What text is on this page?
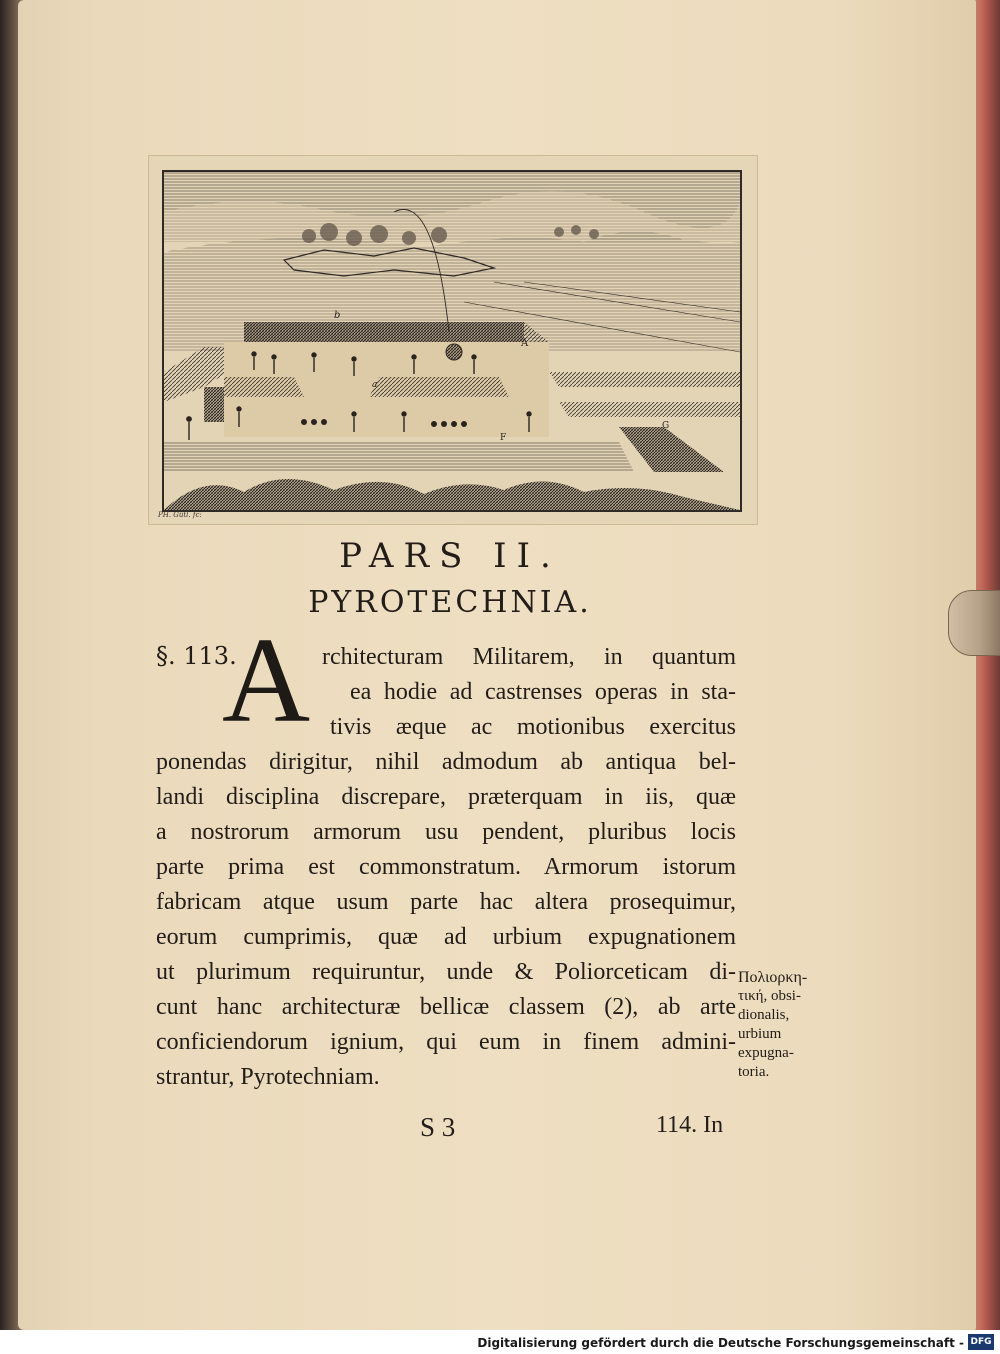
b
A
a
F
G
PH. Gütl. fc:
PARS II.
PYROTECHNIA.
§. 113.
A rchitecturam Militarem, in quantum
ea hodie ad castrenses operas in sta-
tivis æque ac motionibus exercitus
ponendas dirigitur, nihil admodum ab antiqua bel-
landi disciplina discrepare, præterquam in iis, quæ
a nostrorum armorum usu pendent, pluribus locis
parte prima est commonstratum. Armorum istorum
fabricam atque usum parte hac altera prosequimur,
eorum cumprimis, quæ ad urbium expugnationem
ut plurimum requiruntur, unde & Poliorceticam di-
cunt hanc architecturæ bellicæ classem (2), ab arte
conficiendorum ignium, qui eum in finem admini-
strantur, Pyrotechniam.
Πολιορκη-
τική, obsi-
dionalis,
urbium
expugna-
toria.
S 3	114. In
Digitalisierung gefördert durch die Deutsche Forschungsgemeinschaft - DFG
